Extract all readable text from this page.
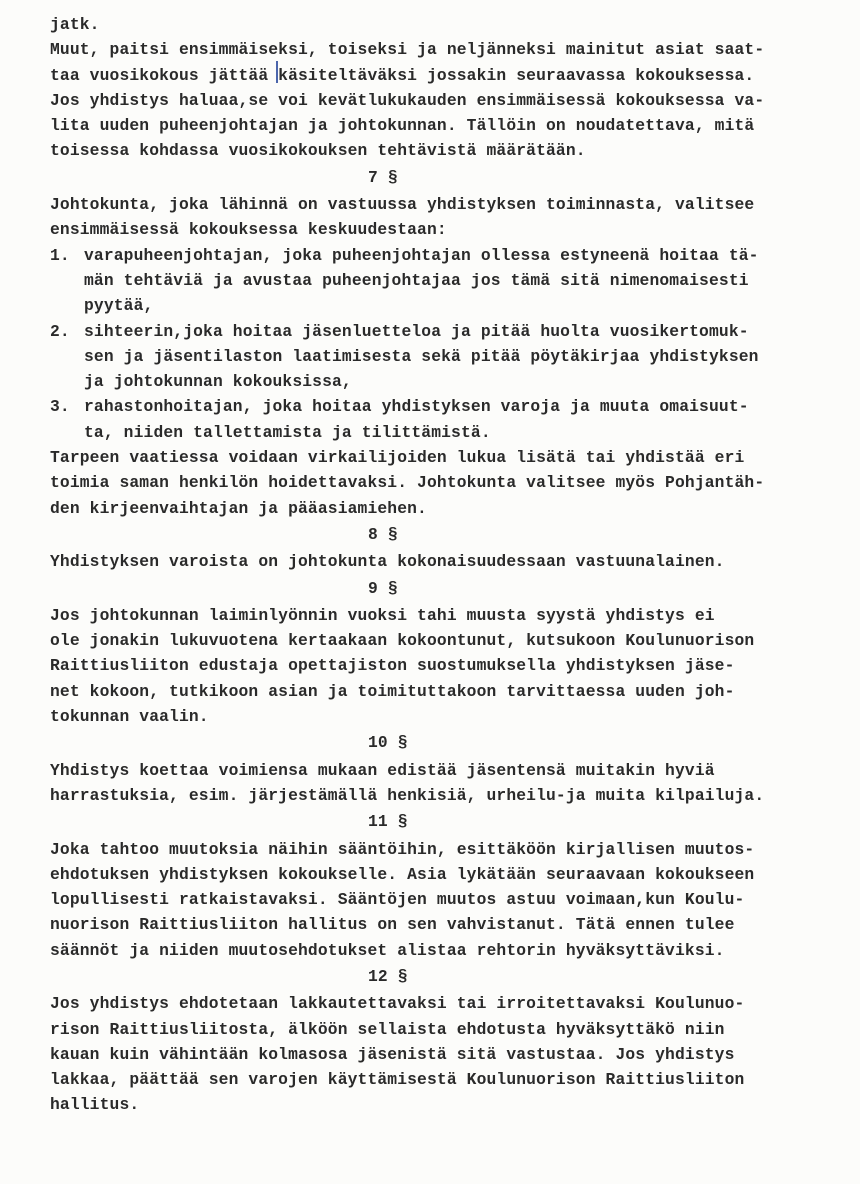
jatk.
Muut, paitsi ensimmäiseksi, toiseksi ja neljänneksi mainitut asiat saat-
taa vuosikokous jättää käsiteltäväksi jossakin seuraavassa kokouksessa.
Jos yhdistys haluaa,se voi kevätlukukauden ensimmäisessä kokouksessa va-
lita uuden puheenjohtajan ja johtokunnan. Tällöin on noudatettava, mitä
toisessa kohdassa vuosikokouksen tehtävistä määrätään.
7 §
Johtokunta, joka lähinnä on vastuussa yhdistyksen toiminnasta, valitsee
ensimmäisessä kokouksessa keskuudestaan:
1. varapuheenjohtajan, joka puheenjohtajan ollessa estyneenä hoitaa tä-
män tehtäviä ja avustaa puheenjohtajaa jos tämä sitä nimenomaisesti
pyytää,
2. sihteerin,joka hoitaa jäsenluetteloa ja pitää huolta vuosikertomuk-
sen ja jäsentilaston laatimisesta sekä pitää pöytäkirjaa yhdistyksen
ja johtokunnan kokouksissa,
3. rahastonhoitajan, joka hoitaa yhdistyksen varoja ja muuta omaisuut-
ta, niiden tallettamista ja tilittämistä.
Tarpeen vaatiessa voidaan virkailijoiden lukua lisätä tai yhdistää eri
toimia saman henkilön hoidettavaksi. Johtokunta valitsee myös Pohjantäh-
den kirjeenvaihtajan ja pääasiamiehen.
8 §
Yhdistyksen varoista on johtokunta kokonaisuudessaan vastuunalainen.
9 §
Jos johtokunnan laiminlyönnin vuoksi tahi muusta syystä yhdistys ei
ole jonakin lukuvuotena kertaakaan kokoontunut, kutsukoon Koulunuorison
Raittiusliiton edustaja opettajiston suostumuksella yhdistyksen jäse-
net kokoon, tutkikoon asian ja toimituttakoon tarvittaessa uuden joh-
tokunnan vaalin.
10 §
Yhdistys koettaa voimiensa mukaan edistää jäsentensä muitakin hyviä
harrastuksia, esim. järjestämällä henkisiä, urheilu-ja muita kilpailuja.
11 §
Joka tahtoo muutoksia näihin sääntöihin, esittäköön kirjallisen muutos-
ehdotuksen yhdistyksen kokoukselle. Asia lykätään seuraavaan kokoukseen
lopullisesti ratkaistavaksi. Sääntöjen muutos astuu voimaan,kun Koulu-
nuorison Raittiusliiton hallitus on sen vahvistanut. Tätä ennen tulee
säännöt ja niiden muutosehdotukset alistaa rehtorin hyväksyttäviksi.
12 §
Jos yhdistys ehdotetaan lakkautettavaksi tai irroitettavaksi Koulunuo-
rison Raittiusliitosta, älköön sellaista ehdotusta hyväksyttäkö niin
kauan kuin vähintään kolmasosa jäsenistä sitä vastustaa. Jos yhdistys
lakkaa, päättää sen varojen käyttämisestä Koulunuorison Raittiusliiton
hallitus.
